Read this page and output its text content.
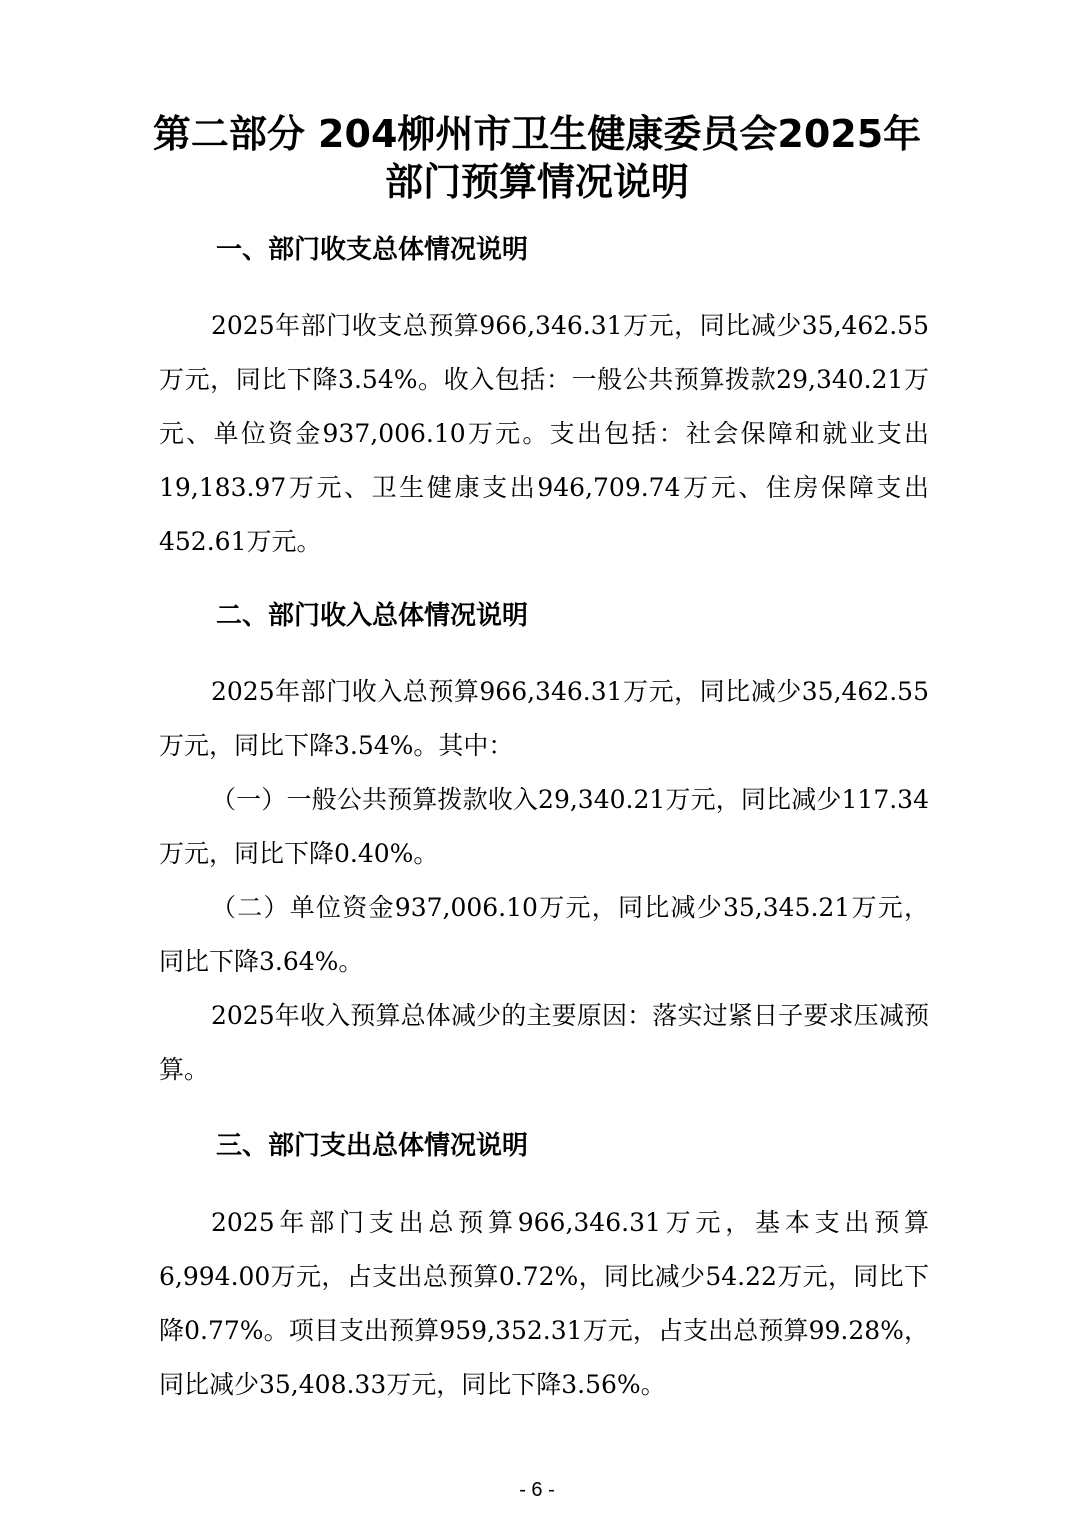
第二部分 204柳州市卫生健康委员会2025年
部门预算情况说明
一、部门收支总体情况说明

2025年部门收支总预算966,346.31万元，同比减少35,462.55万元，同比下降3.54%。收入包括：一般公共预算拨款29,340.21万元、单位资金937,006.10万元。支出包括：社会保障和就业支出19,183.97万元、卫生健康支出946,709.74万元、住房保障支出452.61万元。

二、部门收入总体情况说明

2025年部门收入总预算966,346.31万元，同比减少35,462.55万元，同比下降3.54%。其中：

（一）一般公共预算拨款收入29,340.21万元，同比减少117.34万元，同比下降0.40%。

（二）单位资金937,006.10万元，同比减少35,345.21万元，同比下降3.64%。

2025年收入预算总体减少的主要原因：落实过紧日子要求压减预算。

三、部门支出总体情况说明

2025年部门支出总预算966,346.31万元，基本支出预算6,994.00万元，占支出总预算0.72%，同比减少54.22万元，同比下降0.77%。项目支出预算959,352.31万元，占支出总预算99.28%，同比减少35,408.33万元，同比下降3.56%。

- 6 -
